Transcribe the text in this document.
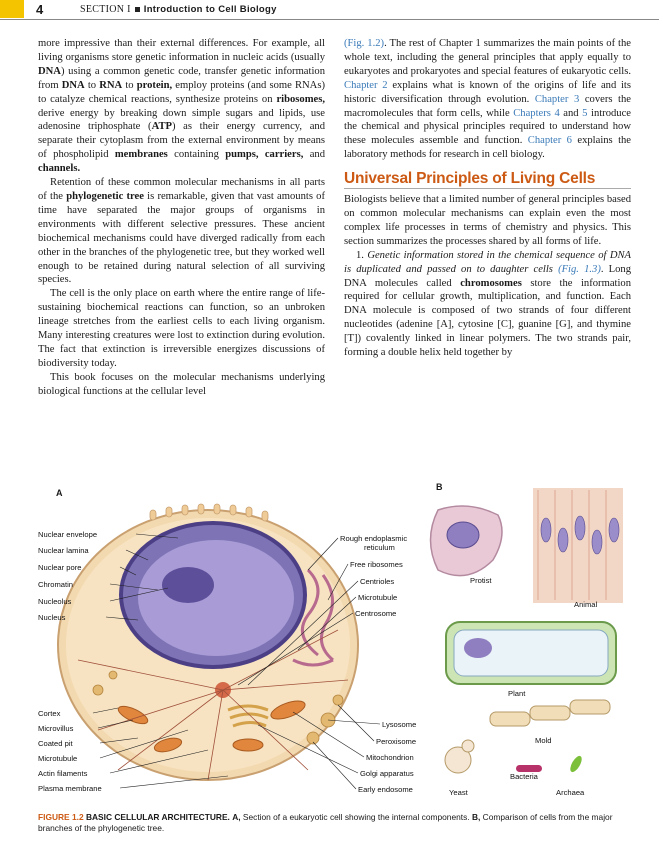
4	SECTION I Introduction to Cell Biology

more impressive than their external differences. For example, all living organisms store genetic information in nucleic acids (usually DNA) using a common genetic code, transfer genetic information from DNA to RNA to protein, employ proteins (and some RNAs) to catalyze chemical reactions, synthesize proteins on ribosomes, derive energy by breaking down simple sugars and lipids, use adenosine triphosphate (ATP) as their energy currency, and separate their cytoplasm from the external environment by means of phospholipid membranes containing pumps, carriers, and channels.

Retention of these common molecular mechanisms in all parts of the phylogenetic tree is remarkable, given that vast amounts of time have separated the major groups of organisms in environments with different selective pressures. These ancient biochemical mechanisms could have diverged radically from each other in the branches of the phylogenetic tree, but they worked well enough to be retained during natural selection of all surviving species.

The cell is the only place on earth where the entire range of life-sustaining biochemical reactions can function, so an unbroken lineage stretches from the earliest cells to each living organism. Many interesting creatures were lost to extinction during evolution. The fact that extinction is irreversible energizes discussions of biodiversity today.

This book focuses on the molecular mechanisms underlying biological functions at the cellular level

(Fig. 1.2). The rest of Chapter 1 summarizes the main points of the whole text, including the general principles that apply equally to eukaryotes and prokaryotes and special features of eukaryotic cells. Chapter 2 explains what is known of the origins of life and its historic diversification through evolution. Chapter 3 covers the macromolecules that form cells, while Chapters 4 and 5 introduce the chemical and physical principles required to understand how these molecules assemble and function. Chapter 6 explains the laboratory methods for research in cell biology.

Universal Principles of Living Cells

Biologists believe that a limited number of general principles based on common molecular mechanisms can explain even the most complex life processes in terms of chemistry and physics. This section summarizes the processes shared by all forms of life.

1. Genetic information stored in the chemical sequence of DNA is duplicated and passed on to daughter cells (Fig. 1.3). Long DNA molecules called chromosomes store the information required for cellular growth, multiplication, and function. Each DNA molecule is composed of two strands of four different nucleotides (adenine [A], cytosine [C], guanine [G], and thymine [T]) covalently linked in linear polymers. The two strands pair, forming a double helix held together by

A
B
Nuclear envelope
Nuclear lamina
Nuclear pore
Chromatin
Nucleolus
Nucleus
Cortex
Microvillus
Coated pit
Microtubule
Actin filaments
Plasma membrane
Rough endoplasmic
reticulum
Free ribosomes
Centrioles
Microtubule
Centrosome
Lysosome
Peroxisome
Mitochondrion
Golgi apparatus
Early endosome
Protist
Animal
Plant
Mold
Bacteria
Yeast	Archaea
FIGURE 1.2 BASIC CELLULAR ARCHITECTURE. A, Section of a eukaryotic cell showing the internal components. B, Comparison of cells from the major branches of the phylogenetic tree.
